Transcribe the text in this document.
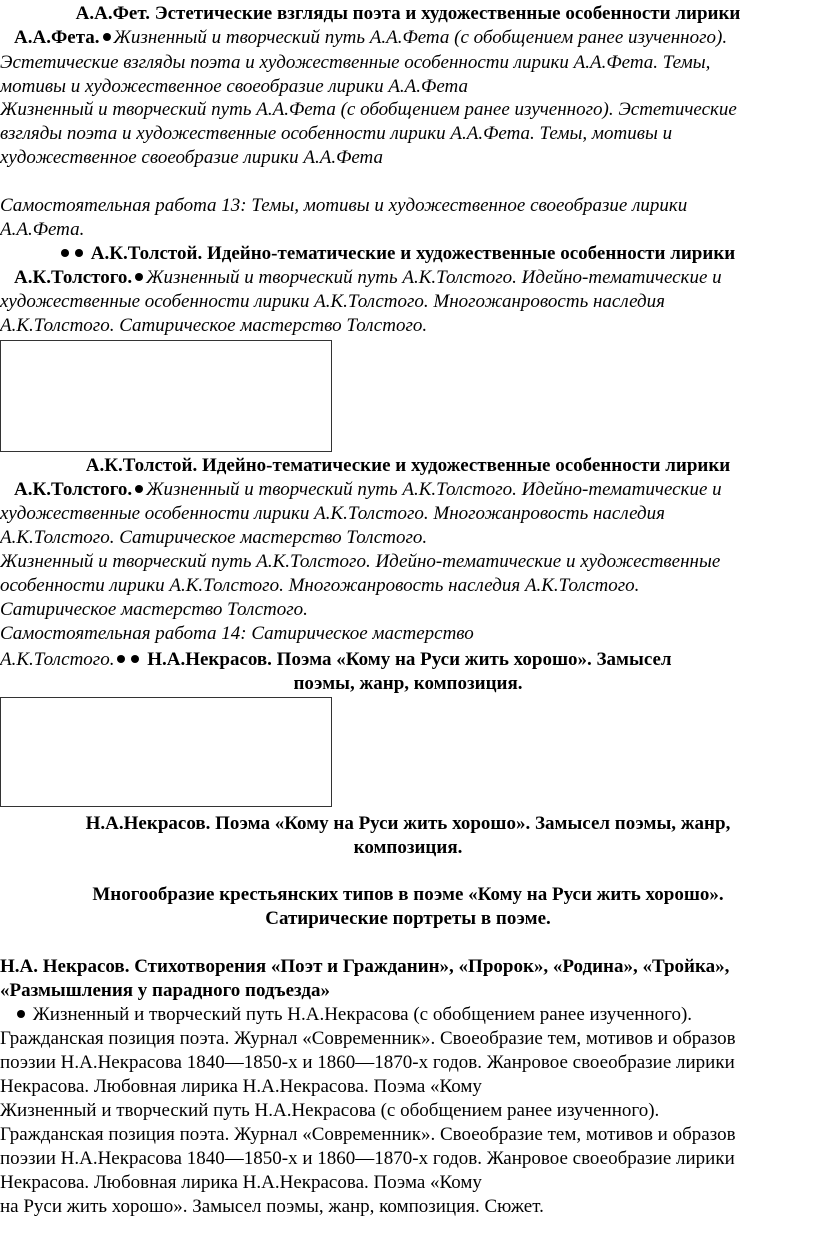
А.А.Фет. Эстетические взгляды поэта и художественные особенности лирики
А.А.Фета. Жизненный и творческий путь А.А.Фета (с обобщением ранее изученного).
Эстетические взгляды поэта и художественные особенности лирики А.А.Фета. Темы,
мотивы и художественное своеобразие лирики А.А.Фета
Жизненный и творческий путь А.А.Фета (с обобщением ранее изученного). Эстетические
взгляды поэта и художественные особенности лирики А.А.Фета. Темы, мотивы и
художественное своеобразие лирики А.А.Фета
Самостоятельная работа 13: Темы, мотивы и художественное своеобразие лирики
А.А.Фета.
А.К.Толстой. Идейно-тематические и художественные особенности лирики
А.К.Толстого. Жизненный и творческий путь А.К.Толстого. Идейно-тематические и
художественные особенности лирики А.К.Толстого. Многожанровость наследия
А.К.Толстого. Сатирическое мастерство Толстого.
А.К.Толстой. Идейно-тематические и художественные особенности лирики
А.К.Толстого. Жизненный и творческий путь А.К.Толстого. Идейно-тематические и
художественные особенности лирики А.К.Толстого. Многожанровость наследия
А.К.Толстого. Сатирическое мастерство Толстого.
Жизненный и творческий путь А.К.Толстого. Идейно-тематические и художественные
особенности лирики А.К.Толстого. Многожанровость наследия А.К.Толстого.
Сатирическое мастерство Толстого.
Самостоятельная работа 14: Сатирическое мастерство
А.К.Толстого. Н.А.Некрасов. Поэма «Кому на Руси жить хорошо». Замысел
поэмы, жанр, композиция.
Н.А.Некрасов. Поэма «Кому на Руси жить хорошо». Замысел поэмы, жанр,
композиция.
Многообразие крестьянских типов в поэме «Кому на Руси жить хорошо».
Сатирические портреты в поэме.
Н.А. Некрасов. Стихотворения «Поэт и Гражданин», «Пророк», «Родина», «Тройка»,
«Размышления у парадного подъезда»
Жизненный и творческий путь Н.А.Некрасова (с обобщением ранее изученного).
Гражданская позиция поэта. Журнал «Современник». Своеобразие тем, мотивов и образов
поэзии Н.А.Некрасова 1840—1850-х и 1860—1870-х годов. Жанровое своеобразие лирики
Некрасова. Любовная лирика Н.А.Некрасова. Поэма «Кому
Жизненный и творческий путь Н.А.Некрасова (с обобщением ранее изученного).
Гражданская позиция поэта. Журнал «Современник». Своеобразие тем, мотивов и образов
поэзии Н.А.Некрасова 1840—1850-х и 1860—1870-х годов. Жанровое своеобразие лирики
Некрасова. Любовная лирика Н.А.Некрасова. Поэма «Кому
на Руси жить хорошо». Замысел поэмы, жанр, композиция. Сюжет.
